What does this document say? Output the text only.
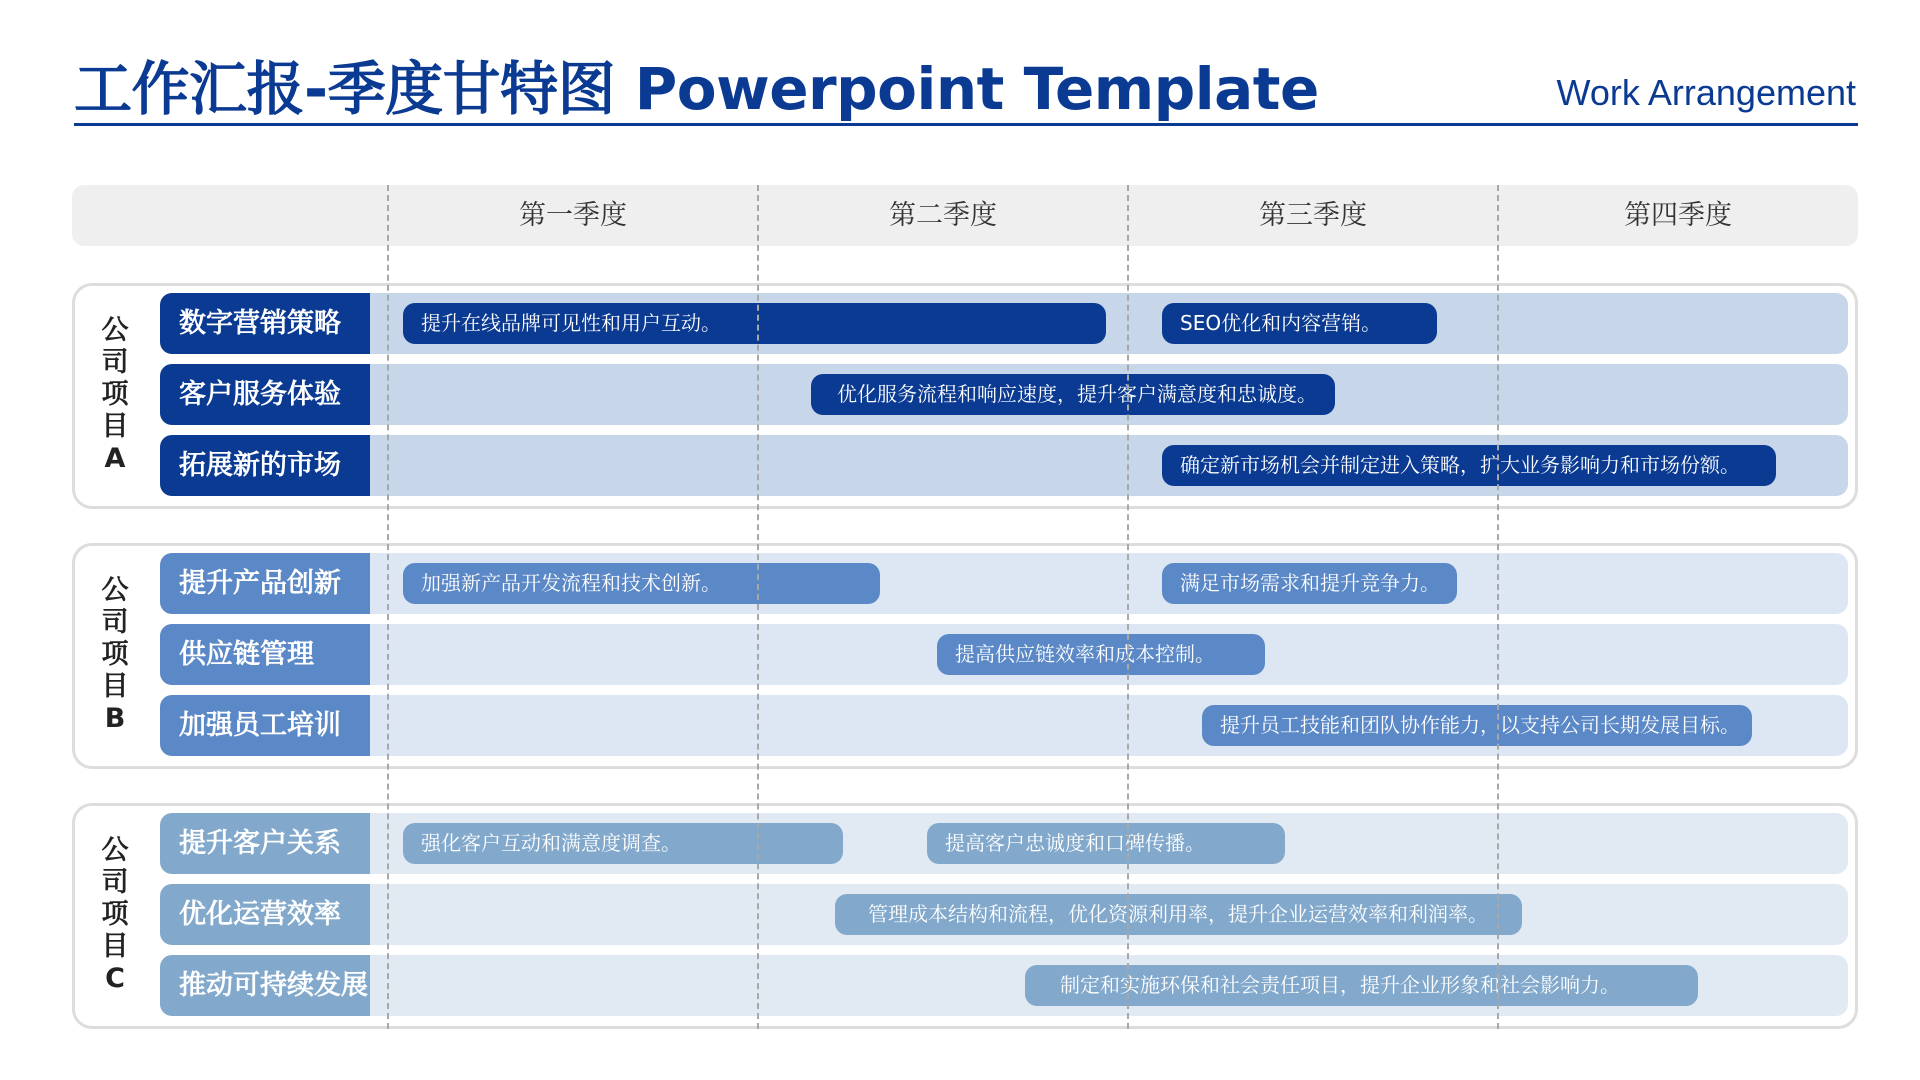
工作汇报-季度甘特图 Powerpoint Template	Work Arrangement
第一季度	第二季度	第三季度	第四季度
公
司
项
目
A
数字营销策略	提升在线品牌可见性和用户互动。	SEO优化和内容营销。
客户服务体验	优化服务流程和响应速度，提升客户满意度和忠诚度。
拓展新的市场	确定新市场机会并制定进入策略，扩大业务影响力和市场份额。
公
司
项
目
B
提升产品创新	加强新产品开发流程和技术创新。	满足市场需求和提升竞争力。
供应链管理	提高供应链效率和成本控制。
加强员工培训	提升员工技能和团队协作能力，以支持公司长期发展目标。
公
司
项
目
C
提升客户关系	强化客户互动和满意度调查。	提高客户忠诚度和口碑传播。
优化运营效率	管理成本结构和流程，优化资源利用率，提升企业运营效率和利润率。
推动可持续发展	制定和实施环保和社会责任项目，提升企业形象和社会影响力。
